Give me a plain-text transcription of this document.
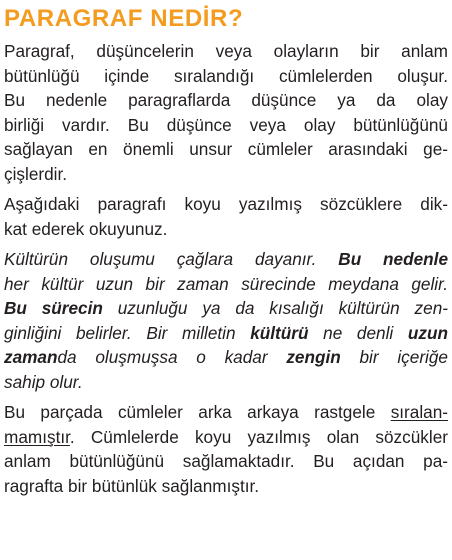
PARAGRAF NEDİR?
Paragraf, düşüncelerin veya olayların bir anlam
bütünlüğü içinde sıralandığı cümlelerden oluşur.
Bu nedenle paragraflarda düşünce ya da olay
birliği vardır. Bu düşünce veya olay bütünlüğünü
sağlayan en önemli unsur cümleler arasındaki ge-
çişlerdir.
Aşağıdaki paragrafı koyu yazılmış sözcüklere dik-
kat ederek okuyunuz.
Kültürün oluşumu çağlara dayanır. Bu nedenle
her kültür uzun bir zaman sürecinde meydana gelir.
Bu sürecin uzunluğu ya da kısalığı kültürün zen-
ginliğini belirler. Bir milletin kültürü ne denli uzun
zamanda oluşmuşsa o kadar zengin bir içeriğe
sahip olur.
Bu parçada cümleler arka arkaya rastgele sıralan-
mamıştır. Cümlelerde koyu yazılmış olan sözcükler
anlam bütünlüğünü sağlamaktadır. Bu açıdan pa-
ragrafta bir bütünlük sağlanmıştır.
